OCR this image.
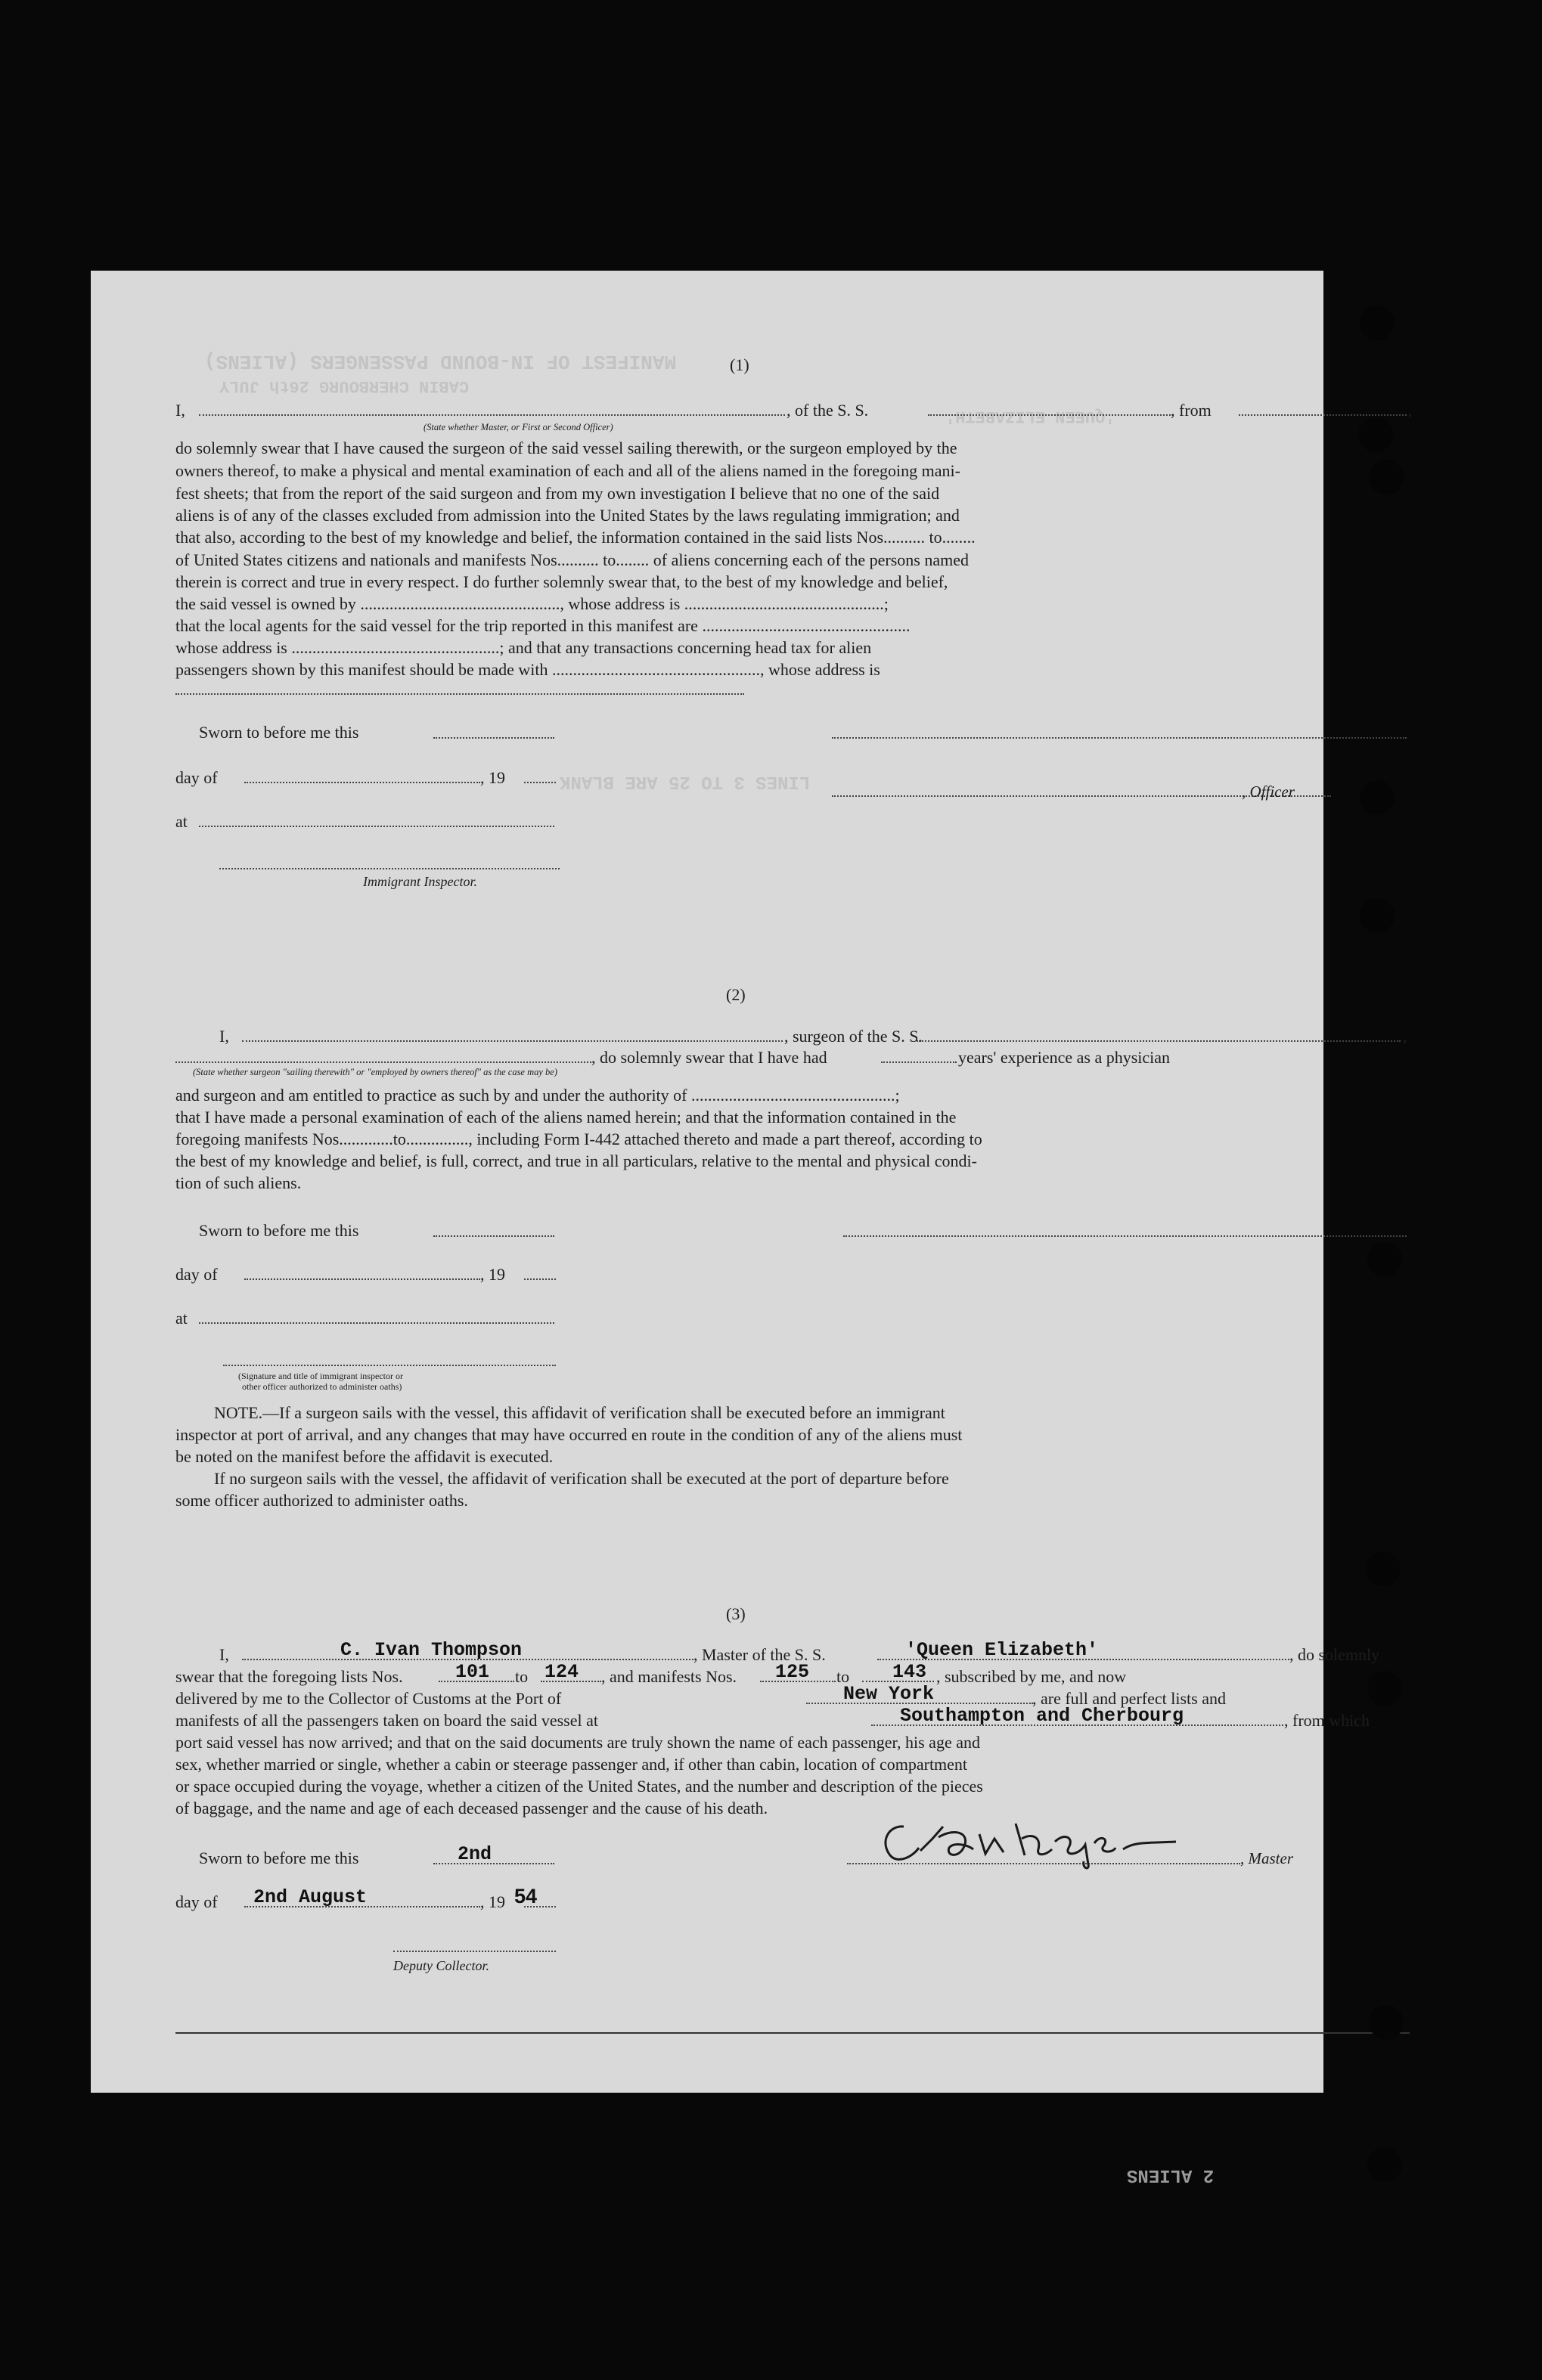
MANIFEST OF IN-BOUND PASSENGERS (ALIENS)
CABIN CHERBOURG 26th JULY
'QUEEN ELIZABETH'
LINES 3 TO 25 ARE BLANK
2 ALIENS
(1)
I,	, of the S. S.	, from	,
(State whether Master, or First or Second Officer)
do solemnly swear that I have caused the surgeon of the said vessel sailing therewith, or the surgeon employed by the
owners thereof, to make a physical and mental examination of each and all of the aliens named in the foregoing mani-
fest sheets; that from the report of the said surgeon and from my own investigation I believe that no one of the said
aliens is of any of the classes excluded from admission into the United States by the laws regulating immigration; and
that also, according to the best of my knowledge and belief, the information contained in the said lists Nos.......... to........
of United States citizens and nationals and manifests Nos.......... to........ of aliens concerning each of the persons named
therein is correct and true in every respect. I do further solemnly swear that, to the best of my knowledge and belief,
the said vessel is owned by ................................................, whose address is ................................................;
that the local agents for the said vessel for the trip reported in this manifest are ..................................................
whose address is ..................................................; and that any transactions concerning head tax for alien
passengers shown by this manifest should be made with .................................................., whose address is
Sworn to before me this
day of	, 19
, Officer
at
Immigrant Inspector.
(2)
I,	, surgeon of the S. S.	,
, do solemnly swear that I have had	years' experience as a physician
(State whether surgeon "sailing therewith" or "employed by owners thereof" as the case may be)
and surgeon and am entitled to practice as such by and under the authority of .................................................;
that I have made a personal examination of each of the aliens named herein; and that the information contained in the
foregoing manifests Nos.............to..............., including Form I-442 attached thereto and made a part thereof, according to
the best of my knowledge and belief, is full, correct, and true in all particulars, relative to the mental and physical condi-
tion of such aliens.
Sworn to before me this
day of	, 19
at
(Signature and title of immigrant inspector or
other officer authorized to administer oaths)
NOTE.—If a surgeon sails with the vessel, this affidavit of verification shall be executed before an immigrant
inspector at port of arrival, and any changes that may have occurred en route in the condition of any of the aliens must
be noted on the manifest before the affidavit is executed.
If no surgeon sails with the vessel, the affidavit of verification shall be executed at the port of departure before
some officer authorized to administer oaths.
(3)
I,	C. Ivan Thompson	, Master of the S. S.	'Queen Elizabeth'	, do solemnly
swear that the foregoing lists Nos.	101 to 124 , and manifests Nos. 125 to 143 , subscribed by me, and now
delivered by me to the Collector of Customs at the Port of	New York	, are full and perfect lists and
manifests of all the passengers taken on board the said vessel at	Southampton and Cherbourg	, from which
port said vessel has now arrived; and that on the said documents are truly shown the name of each passenger, his age and
sex, whether married or single, whether a cabin or steerage passenger and, if other than cabin, location of compartment
or space occupied during the voyage, whether a citizen of the United States, and the number and description of the pieces
of baggage, and the name and age of each deceased passenger and the cause of his death.
Sworn to before me this	2nd	, Master
day of 2nd August	, 19 54
Deputy Collector.
